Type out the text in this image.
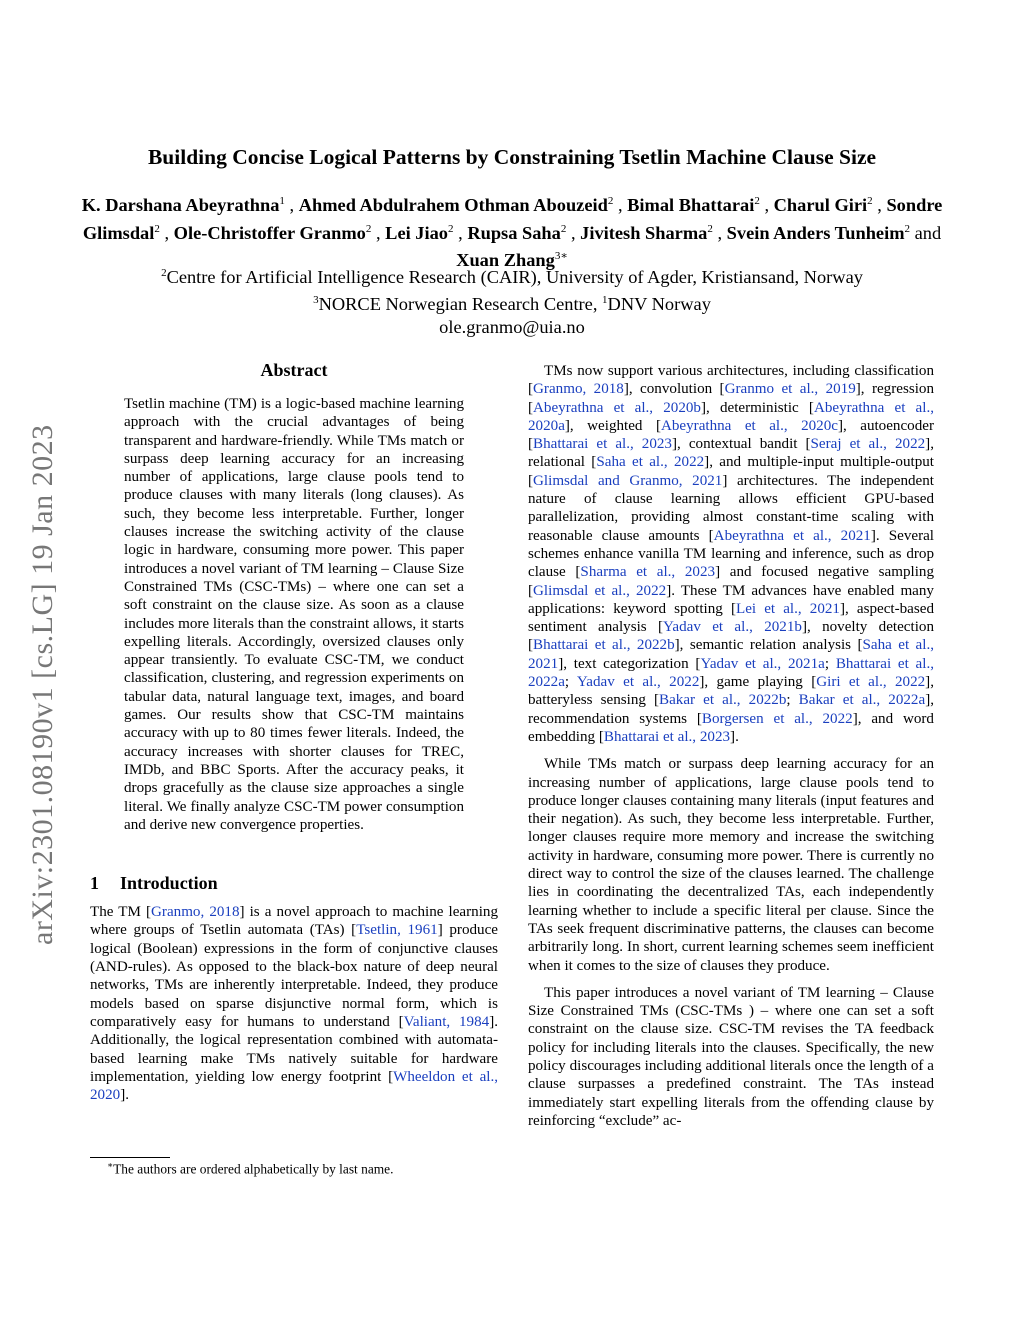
arXiv:2301.08190v1 [cs.LG] 19 Jan 2023
Building Concise Logical Patterns by Constraining Tsetlin Machine Clause Size
K. Darshana Abeyrathna$^1$ , Ahmed Abdulrahem Othman Abouzeid$^2$ , Bimal Bhattarai$^2$ , Charul Giri$^2$ , Sondre Glimsdal$^2$ , Ole-Christoffer Granmo$^2$ , Lei Jiao$^2$ , Rupsa Saha$^2$ , Jivitesh Sharma$^2$ , Svein Anders Tunheim$^2$ and Xuan Zhang$^{3∗}$
$^2$Centre for Artificial Intelligence Research (CAIR), University of Agder, Kristiansand, Norway
$^3$NORCE Norwegian Research Centre, $^1$DNV Norway
ole.granmo@uia.no
Abstract

Tsetlin machine (TM) is a logic-based machine learning approach with the crucial advantages of being transparent and hardware-friendly. While TMs match or surpass deep learning accuracy for an increasing number of applications, large clause pools tend to produce clauses with many literals (long clauses). As such, they become less interpretable. Further, longer clauses increase the switching activity of the clause logic in hardware, consuming more power. This paper introduces a novel variant of TM learning – Clause Size Constrained TMs (CSC-TMs) – where one can set a soft constraint on the clause size. As soon as a clause includes more literals than the constraint allows, it starts expelling literals. Accordingly, oversized clauses only appear transiently. To evaluate CSC-TM, we conduct classification, clustering, and regression experiments on tabular data, natural language text, images, and board games. Our results show that CSC-TM maintains accuracy with up to 80 times fewer literals. Indeed, the accuracy increases with shorter clauses for TREC, IMDb, and BBC Sports. After the accuracy peaks, it drops gracefully as the clause size approaches a single literal. We finally analyze CSC-TM power consumption and derive new convergence properties.

1 Introduction

The TM [Granmo, 2018] is a novel approach to machine learning where groups of Tsetlin automata (TAs) [Tsetlin, 1961] produce logical (Boolean) expressions in the form of conjunctive clauses (AND-rules). As opposed to the black-box nature of deep neural networks, TMs are inherently interpretable. Indeed, they produce models based on sparse disjunctive normal form, which is comparatively easy for humans to understand [Valiant, 1984]. Additionally, the logical representation combined with automata-based learning make TMs natively suitable for hardware implementation, yielding low energy footprint [Wheeldon et al., 2020].

TMs now support various architectures, including classification [Granmo, 2018], convolution [Granmo et al., 2019], regression [Abeyrathna et al., 2020b], deterministic [Abeyrathna et al., 2020a], weighted [Abeyrathna et al., 2020c], autoencoder [Bhattarai et al., 2023], contextual bandit [Seraj et al., 2022], relational [Saha et al., 2022], and multiple-input multiple-output [Glimsdal and Granmo, 2021] architectures. The independent nature of clause learning allows efficient GPU-based parallelization, providing almost constant-time scaling with reasonable clause amounts [Abeyrathna et al., 2021]. Several schemes enhance vanilla TM learning and inference, such as drop clause [Sharma et al., 2023] and focused negative sampling [Glimsdal et al., 2022]. These TM advances have enabled many applications: keyword spotting [Lei et al., 2021], aspect-based sentiment analysis [Yadav et al., 2021b], novelty detection [Bhattarai et al., 2022b], semantic relation analysis [Saha et al., 2021], text categorization [Yadav et al., 2021a; Bhattarai et al., 2022a; Yadav et al., 2022], game playing [Giri et al., 2022], batteryless sensing [Bakar et al., 2022b; Bakar et al., 2022a], recommendation systems [Borgersen et al., 2022], and word embedding [Bhattarai et al., 2023].

While TMs match or surpass deep learning accuracy for an increasing number of applications, large clause pools tend to produce longer clauses containing many literals (input features and their negation). As such, they become less interpretable. Further, longer clauses require more memory and increase the switching activity in hardware, consuming more power. There is currently no direct way to control the size of the clauses learned. The challenge lies in coordinating the decentralized TAs, each independently learning whether to include a specific literal per clause. Since the TAs seek frequent discriminative patterns, the clauses can become arbitrarily long. In short, current learning schemes seem inefficient when it comes to the size of clauses they produce.

This paper introduces a novel variant of TM learning – Clause Size Constrained TMs (CSC-TMs ) – where one can set a soft constraint on the clause size. CSC-TM revises the TA feedback policy for including literals into the clauses. Specifically, the new policy discourages including additional literals once the length of a clause surpasses a predefined constraint. The TAs instead immediately start expelling literals from the offending clause by reinforcing “exclude” ac-

∗The authors are ordered alphabetically by last name.
